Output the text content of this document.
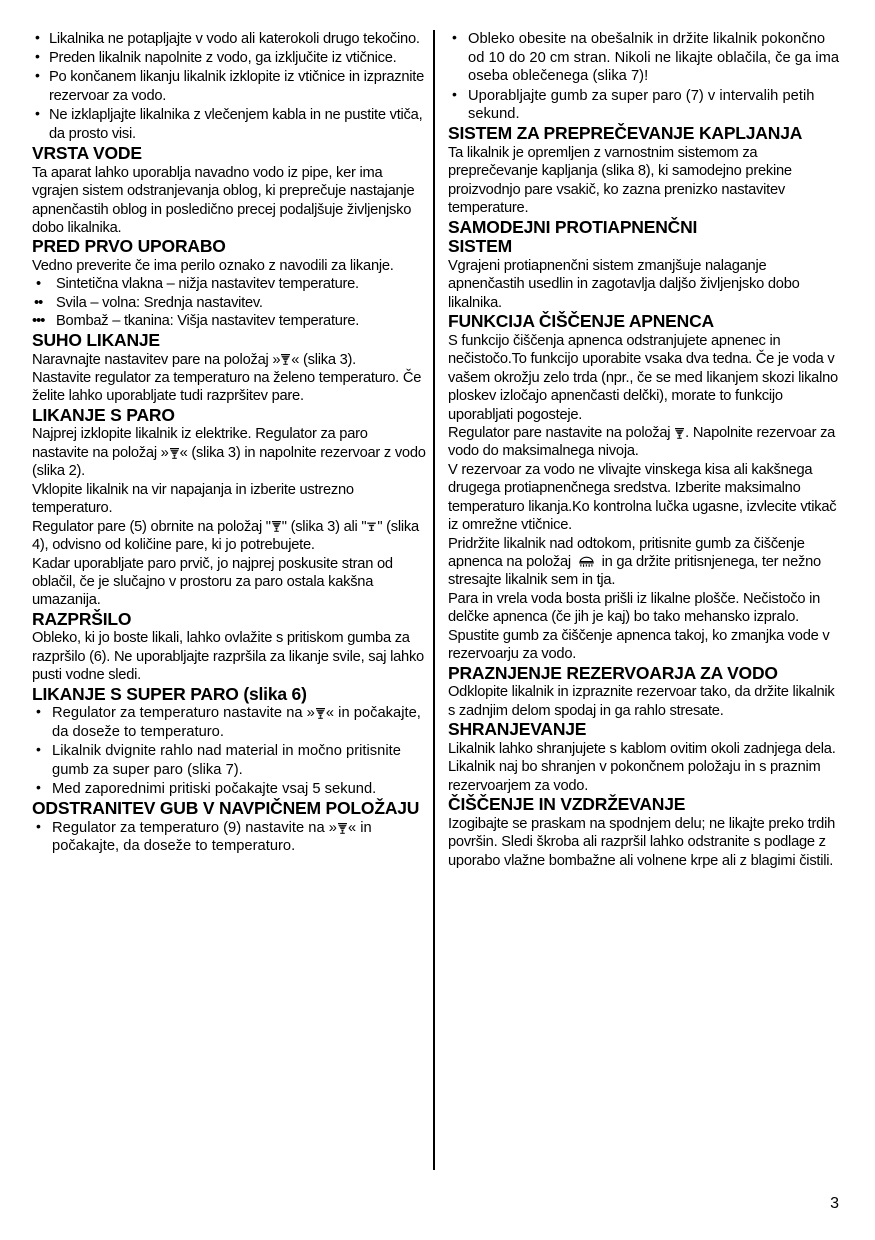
• Likalnika ne potapljajte v vodo ali katerokoli drugo tekočino.
• Preden likalnik napolnite z vodo, ga izključite iz vtičnice.
• Po končanem likanju likalnik izklopite iz vtičnice in izpraznite rezervoar za vodo.
• Ne izklapljajte likalnika z vlečenjem kabla in ne pustite vtiča, da prosto visi.
VRSTA VODE

Ta aparat lahko uporablja navadno vodo iz pipe, ker ima vgrajen sistem odstranjevanja oblog, ki preprečuje nastajanje apnenčastih oblog in posledično precej podaljšuje življenjsko dobo likalnika.

PRED PRVO UPORABO

Vedno preverite če ima perilo oznako z navodili za likanje.

•	Sintetična vlakna – nižja nastavitev temperature.
•• Svila – volna: Srednja nastavitev.
••• Bombaž – tkanina: Višja nastavitev temperature.
SUHO LIKANJE

Naravnajte nastavitev pare na položaj » « (slika 3).

Nastavite regulator za temperaturo na želeno temperaturo. Če želite lahko uporabljate tudi razpršitev pare.

LIKANJE S PARO

Najprej izklopite likalnik iz elektrike. Regulator za paro nastavite na položaj » « (slika 3) in napolnite rezervoar z vodo (slika 2).

Vklopite likalnik na vir napajanja in izberite ustrezno temperaturo.

Regulator pare (5) obrnite na položaj " " (slika 3) ali " " (slika 4), odvisno od količine pare, ki jo potrebujete.

Kadar uporabljate paro prvič, jo najprej poskusite stran od oblačil, če je slučajno v prostoru za paro ostala kakšna umazanija.

RAZPRŠILO

Obleko, ki jo boste likali, lahko ovlažite s pritiskom gumba za razpršilo (6). Ne uporabljajte razpršila za likanje svile, saj lahko pusti vodne sledi.

LIKANJE S SUPER PARO (slika 6)
• Regulator za temperaturo nastavite na » « in počakajte, da doseže to temperaturo.
• Likalnik dvignite rahlo nad material in močno pritisnite gumb za super paro (slika 7).
• Med zaporednimi pritiski počakajte vsaj 5 sekund.
ODSTRANITEV GUB V NAVPIČNEM POLOŽAJU
• Regulator za temperaturo (9) nastavite na » « in počakajte, da doseže to temperaturo.
• Obleko obesite na obešalnik in držite likalnik pokončno od 10 do 20 cm stran. Nikoli ne likajte oblačila, če ga ima oseba oblečenega (slika 7)!
• Uporabljajte gumb za super paro (7) v intervalih petih sekund.
SISTEM ZA PREPREČEVANJE KAPLJANJA

Ta likalnik je opremljen z varnostnim sistemom za preprečevanje kapljanja (slika 8), ki samodejno prekine proizvodnjo pare vsakič, ko zazna prenizko nastavitev temperature.

SAMODEJNI PROTIAPNENČNI
SISTEM

Vgrajeni protiapnenčni sistem zmanjšuje nalaganje apnenčastih usedlin in zagotavlja daljšo življenjsko dobo likalnika.

FUNKCIJA ČIŠČENJE APNENCA

S funkcijo čiščenja apnenca odstranjujete apnenec in nečistočo.To funkcijo uporabite vsaka dva tedna. Če je voda v vašem okrožju zelo trda (npr., če se med likanjem skozi likalno ploskev izločajo apnenčasti delčki), morate to funkcijo uporabljati pogosteje.

Regulator pare nastavite na položaj
. Napolnite rezervoar za vodo do maksimalnega nivoja.

V rezervoar za vodo ne vlivajte vinskega kisa ali kakšnega drugega protiapnenčnega sredstva. Izberite maksimalno temperaturo likanja.Ko kontrolna lučka ugasne, izvlecite vtikač iz omrežne vtičnice.

Pridržite likalnik nad odtokom, pritisnite gumb za čiščenje apnenca na položaj
in ga držite pritisnjenega, ter nežno stresajte likalnik sem in tja.

Para in vrela voda bosta prišli iz likalne plošče. Nečistočo in delčke apnenca (če jih je kaj) bo tako mehansko izpralo.

Spustite gumb za čiščenje apnenca takoj, ko zmanjka vode v rezervoarju za vodo.

PRAZNJENJE REZERVOARJA ZA VODO

Odklopite likalnik in izpraznite rezervoar tako, da držite likalnik s zadnjim delom spodaj in ga rahlo stresate.

SHRANJEVANJE

Likalnik lahko shranjujete s kablom ovitim okoli zadnjega dela. Likalnik naj bo shranjen v pokončnem položaju in s praznim rezervoarjem za vodo.

ČIŠČENJE IN VZDRŽEVANJE

Izogibajte se praskam na spodnjem delu; ne likajte preko trdih površin. Sledi škroba ali razpršil lahko odstranite s podlage z uporabo vlažne bombažne ali volnene krpe ali z blagimi čistili.

3
